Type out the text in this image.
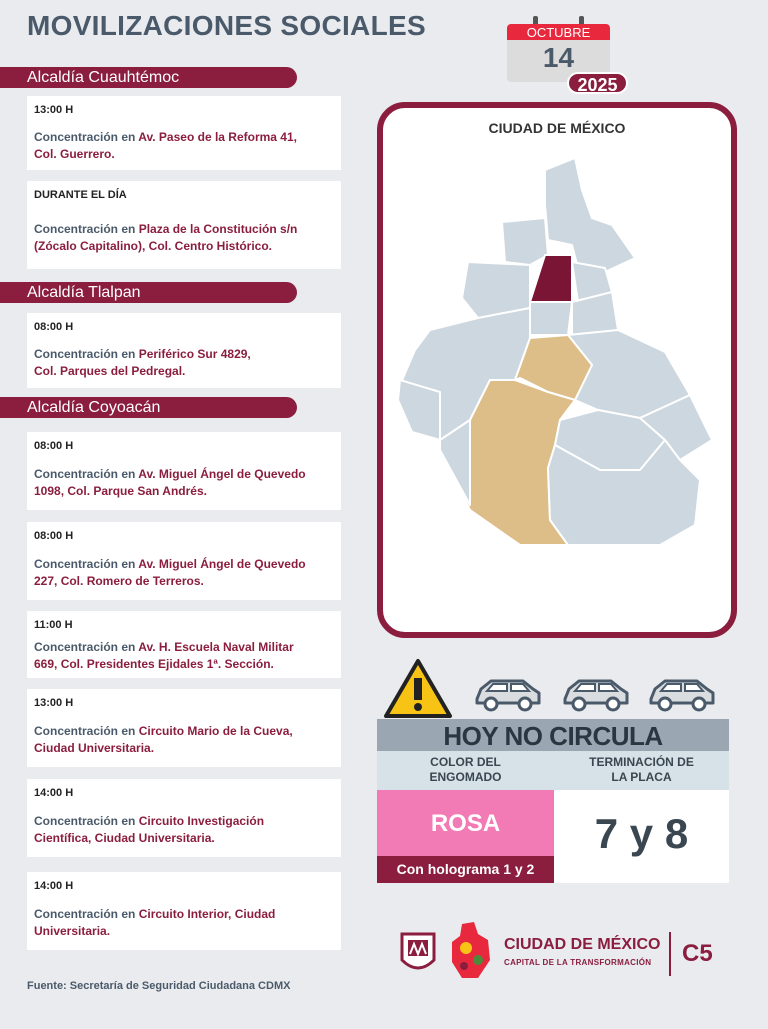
MOVILIZACIONES SOCIALES	OCTUBRE
14
2025
Alcaldía Cuauhtémoc
Alcaldía Tlalpan
Alcaldía Coyoacán
13:00 H
Concentración en Av. Paseo de la Reforma 41,
Col. Guerrero.
DURANTE EL DÍA
Concentración en Plaza de la Constitución s/n
(Zócalo Capitalino), Col. Centro Histórico.
08:00 H
Concentración en Periférico Sur 4829,
Col. Parques del Pedregal.
08:00 H
Concentración en Av. Miguel Ángel de Quevedo
1098, Col. Parque San Andrés.
08:00 H
Concentración en Av. Miguel Ángel de Quevedo
227, Col. Romero de Terreros.
11:00 H
Concentración en Av. H. Escuela Naval Militar
669, Col. Presidentes Ejidales 1ª. Sección.
13:00 H
Concentración en Circuito Mario de la Cueva,
Ciudad Universitaria.
14:00 H
Concentración en Circuito Investigación
Científica, Ciudad Universitaria.
14:00 H
Concentración en Circuito Interior, Ciudad
Universitaria.
Fuente: Secretaría de Seguridad Ciudadana CDMX
CIUDAD DE MÉXICO
HOY NO CIRCULA
COLOR DEL
ENGOMADO
TERMINACIÓN DE
LA PLACA
ROSA
Con holograma 1 y 2
7 y 8
CIUDAD DE MÉXICO
CAPITAL DE LA TRANSFORMACIÓN C5
